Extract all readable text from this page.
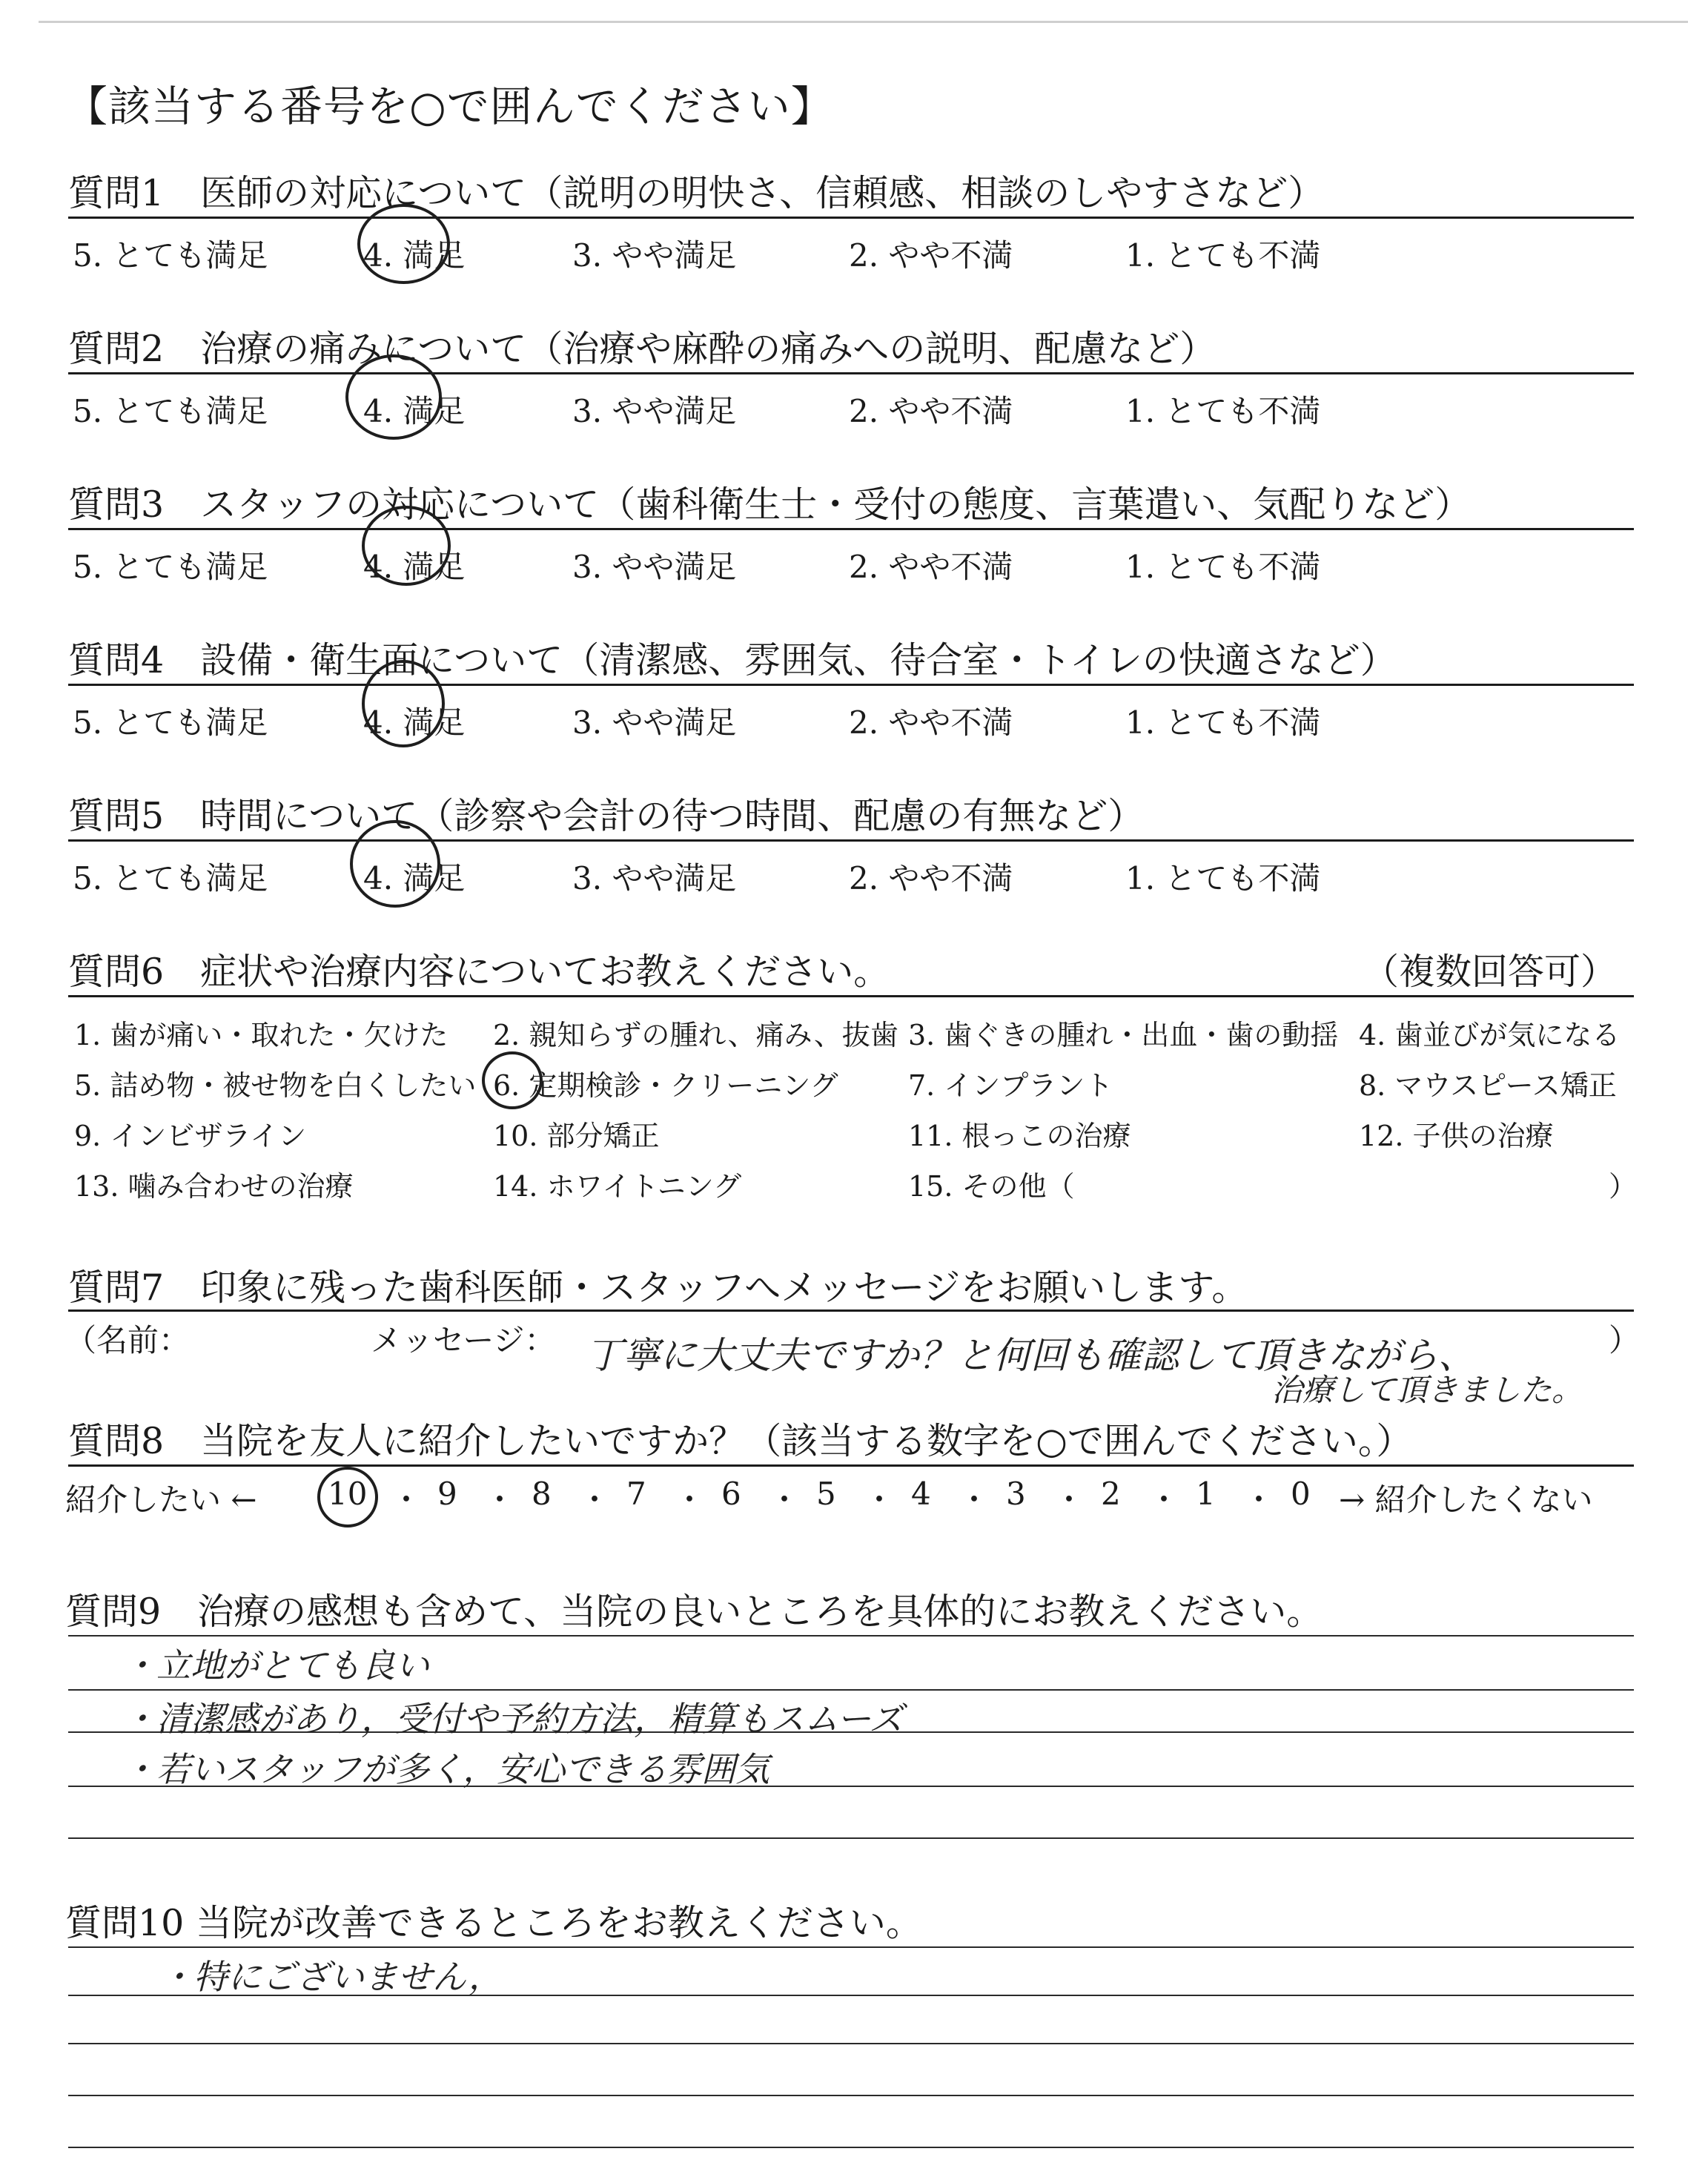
【該当する番号を○で囲んでください】
質問1　医師の対応について（説明の明快さ、信頼感、相談のしやすさなど）
5. とても満足	4. 満足	3. やや満足	2. やや不満	1. とても不満
質問2　治療の痛みについて（治療や麻酔の痛みへの説明、配慮など）
5. とても満足	4. 満足	3. やや満足	2. やや不満	1. とても不満
質問3　スタッフの対応について（歯科衛生士・受付の態度、言葉遣い、気配りなど）
5. とても満足	4. 満足	3. やや満足	2. やや不満	1. とても不満
質問4　設備・衛生面について（清潔感、雰囲気、待合室・トイレの快適さなど）
5. とても満足	4. 満足	3. やや満足	2. やや不満	1. とても不満
質問5　時間について（診察や会計の待つ時間、配慮の有無など）
5. とても満足	4. 満足	3. やや満足	2. やや不満	1. とても不満
質問6　症状や治療内容についてお教えください。	（複数回答可）
1. 歯が痛い・取れた・欠けた 2. 親知らずの腫れ、痛み、抜歯 3. 歯ぐきの腫れ・出血・歯の動揺 4. 歯並びが気になる
5. 詰め物・被せ物を白くしたい 6. 定期検診・クリーニング 7. インプラント	8. マウスピース矯正
9. インビザライン	10. 部分矯正	11. 根っこの治療	12. 子供の治療
13. 噛み合わせの治療	14. ホワイトニング	15. その他（	）
質問7　印象に残った歯科医師・スタッフへメッセージをお願いします。
（名前：	メッセージ：	）
丁寧に大丈夫ですか？と何回も確認して頂きながら、
治療して頂きました。
質問8　当院を友人に紹介したいですか？（該当する数字を○で囲んでください。）
紹介したい ← 10 ・ 9 ・ 8 ・ 7 ・ 6 ・ 5 ・ 4 ・ 3 ・ 2 ・ 1 ・ 0 → 紹介したくない
質問9　治療の感想も含めて、当院の良いところを具体的にお教えください。
・立地がとても良い
・清潔感があり，受付や予約方法，精算もスムーズ
・若いスタッフが多く，安心できる雰囲気
質問10 当院が改善できるところをお教えください。
・特にございません，
